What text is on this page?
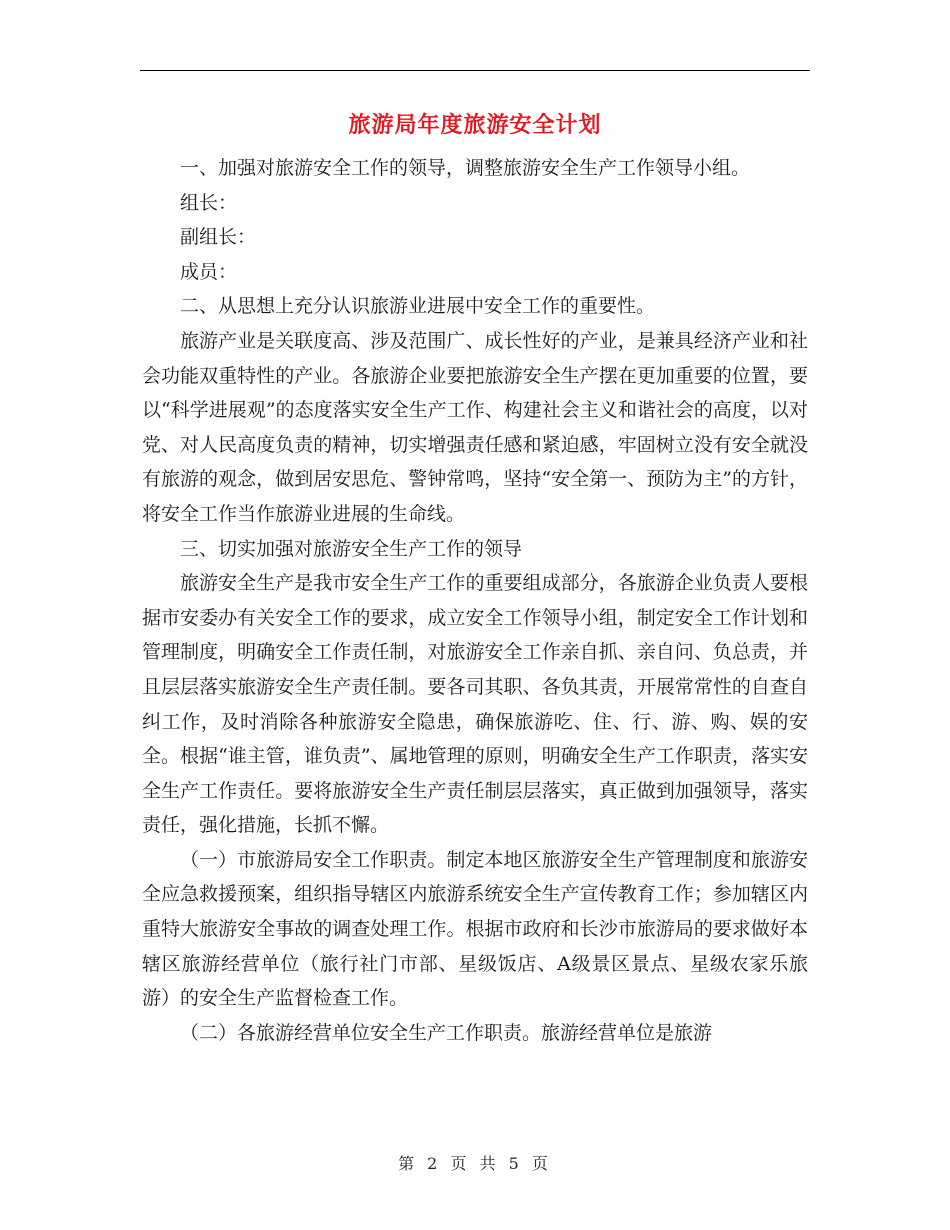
旅游局年度旅游安全计划

一、加强对旅游安全工作的领导，调整旅游安全生产工作领导小组。

组长：

副组长：

成员：

二、从思想上充分认识旅游业进展中安全工作的重要性。

旅游产业是关联度高、涉及范围广、成长性好的产业，是兼具经济产业和社会功能双重特性的产业。各旅游企业要把旅游安全生产摆在更加重要的位置，要以“科学进展观”的态度落实安全生产工作、构建社会主义和谐社会的高度，以对党、对人民高度负责的精神，切实增强责任感和紧迫感，牢固树立没有安全就没有旅游的观念，做到居安思危、警钟常鸣，坚持“安全第一、预防为主”的方针，将安全工作当作旅游业进展的生命线。

三、切实加强对旅游安全生产工作的领导

旅游安全生产是我市安全生产工作的重要组成部分，各旅游企业负责人要根据市安委办有关安全工作的要求，成立安全工作领导小组，制定安全工作计划和管理制度，明确安全工作责任制，对旅游安全工作亲自抓、亲自问、负总责，并且层层落实旅游安全生产责任制。要各司其职、各负其责，开展常常性的自查自纠工作，及时消除各种旅游安全隐患，确保旅游吃、住、行、游、购、娱的安全。根据“谁主管，谁负责”、属地管理的原则，明确安全生产工作职责，落实安全生产工作责任。要将旅游安全生产责任制层层落实，真正做到加强领导，落实责任，强化措施，长抓不懈。

（一）市旅游局安全工作职责。制定本地区旅游安全生产管理制度和旅游安全应急救援预案，组织指导辖区内旅游系统安全生产宣传教育工作；参加辖区内重特大旅游安全事故的调查处理工作。根据市政府和长沙市旅游局的要求做好本辖区旅游经营单位（旅行社门市部、星级饭店、A级景区景点、星级农家乐旅游）的安全生产监督检查工作。

（二）各旅游经营单位安全生产工作职责。旅游经营单位是旅游

第 2 页 共 5 页
